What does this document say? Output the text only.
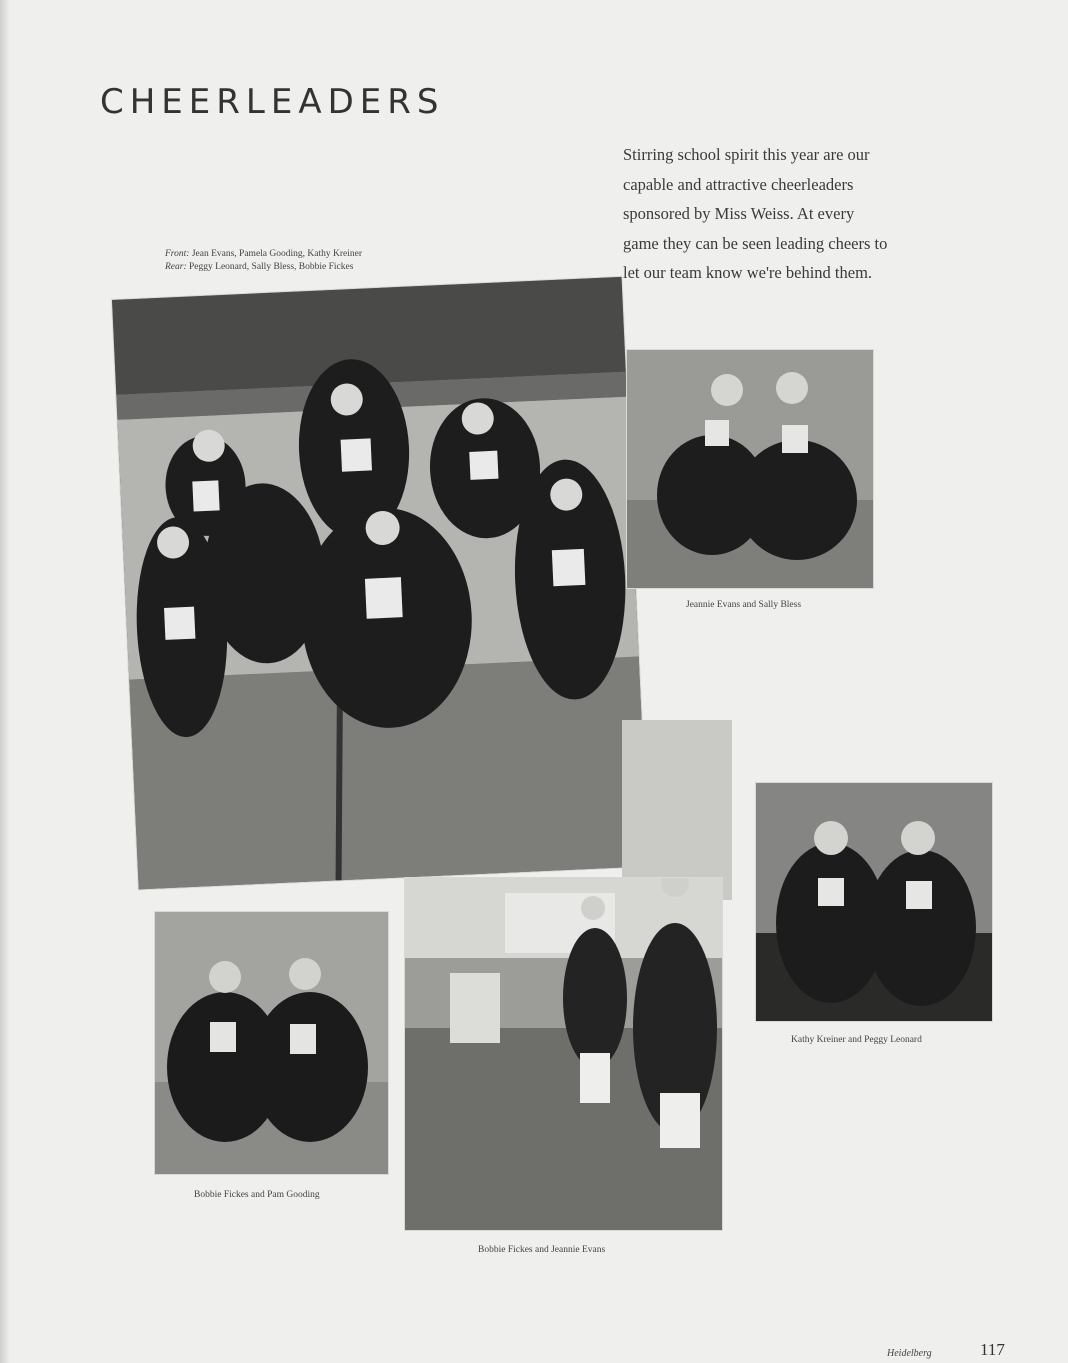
CHEERLEADERS

Stirring school spirit this year are our capable and attractive cheerleaders sponsored by Miss Weiss. At every game they can be seen leading cheers to let our team know we're behind them.

Front: Jean Evans, Pamela Gooding, Kathy Kreiner
Rear: Peggy Leonard, Sally Bless, Bobbie Fickes
Jeannie Evans and Sally Bless
Kathy Kreiner and Peggy Leonard
Bobbie Fickes and Pam Gooding
Bobbie Fickes and Jeannie Evans
Heidelberg	117
